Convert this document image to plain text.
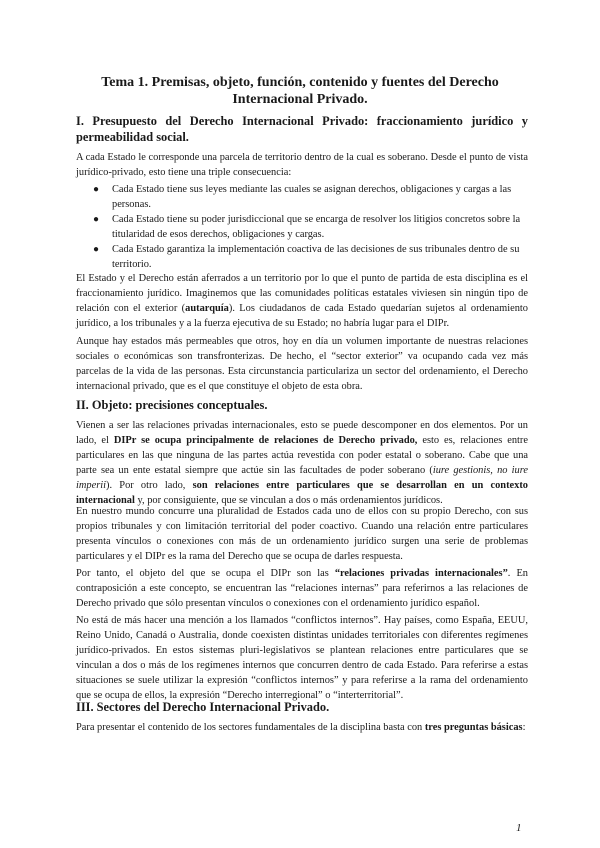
Tema 1. Premisas, objeto, función, contenido y fuentes del Derecho Internacional Privado.
I. Presupuesto del Derecho Internacional Privado: fraccionamiento jurídico y permeabilidad social.

A cada Estado le corresponde una parcela de territorio dentro de la cual es soberano. Desde el punto de vista jurídico-privado, esto tiene una triple consecuencia:

● Cada Estado tiene sus leyes mediante las cuales se asignan derechos, obligaciones y cargas a las personas.
● Cada Estado tiene su poder jurisdiccional que se encarga de resolver los litigios concretos sobre la titularidad de esos derechos, obligaciones y cargas.
● Cada Estado garantiza la implementación coactiva de las decisiones de sus tribunales dentro de su territorio.

El Estado y el Derecho están aferrados a un territorio por lo que el punto de partida de esta disciplina es el fraccionamiento jurídico. Imaginemos que las comunidades políticas estatales viviesen sin ningún tipo de relación con el exterior (autarquía). Los ciudadanos de cada Estado quedarían sujetos al ordenamiento jurídico, a los tribunales y a la fuerza ejecutiva de su Estado; no habría lugar para el DIPr.

Aunque hay estados más permeables que otros, hoy en día un volumen importante de nuestras relaciones sociales o económicas son transfronterizas. De hecho, el “sector exterior” va ocupando cada vez más parcelas de la vida de las personas. Esta circunstancia particulariza un sector del ordenamiento, el Derecho internacional privado, que es el que constituye el objeto de esta obra.

II. Objeto: precisiones conceptuales.

Vienen a ser las relaciones privadas internacionales, esto se puede descomponer en dos elementos. Por un lado, el DIPr se ocupa principalmente de relaciones de Derecho privado, esto es, relaciones entre particulares en las que ninguna de las partes actúa revestida con poder estatal o soberano. Cabe que una parte sea un ente estatal siempre que actúe sin las facultades de poder soberano (iure gestionis, no iure imperii). Por otro lado, son relaciones entre particulares que se desarrollan en un contexto internacional y, por consiguiente, que se vinculan a dos o más ordenamientos jurídicos.

En nuestro mundo concurre una pluralidad de Estados cada uno de ellos con su propio Derecho, con sus propios tribunales y con limitación territorial del poder coactivo. Cuando una relación entre particulares presenta vínculos o conexiones con más de un ordenamiento jurídico surgen una serie de problemas particulares y el DIPr es la rama del Derecho que se ocupa de darles respuesta.

Por tanto, el objeto del que se ocupa el DIPr son las “relaciones privadas internacionales”. En contraposición a este concepto, se encuentran las “relaciones internas” para referirnos a las relaciones de Derecho privado que sólo presentan vínculos o conexiones con el ordenamiento jurídico español.

No está de más hacer una mención a los llamados “conflictos internos”. Hay países, como España, EEUU, Reino Unido, Canadá o Australia, donde coexisten distintas unidades territoriales con diferentes regímenes jurídico-privados. En estos sistemas pluri-legislativos se plantean relaciones entre particulares que se vinculan a dos o más de los regímenes internos que concurren dentro de cada Estado. Para referirse a estas situaciones se suele utilizar la expresión “conflictos internos” y para referirse a la rama del ordenamiento que se ocupa de ellos, la expresión “Derecho interregional” o “interterritorial”.

III. Sectores del Derecho Internacional Privado.

Para presentar el contenido de los sectores fundamentales de la disciplina basta con tres preguntas básicas:

1
